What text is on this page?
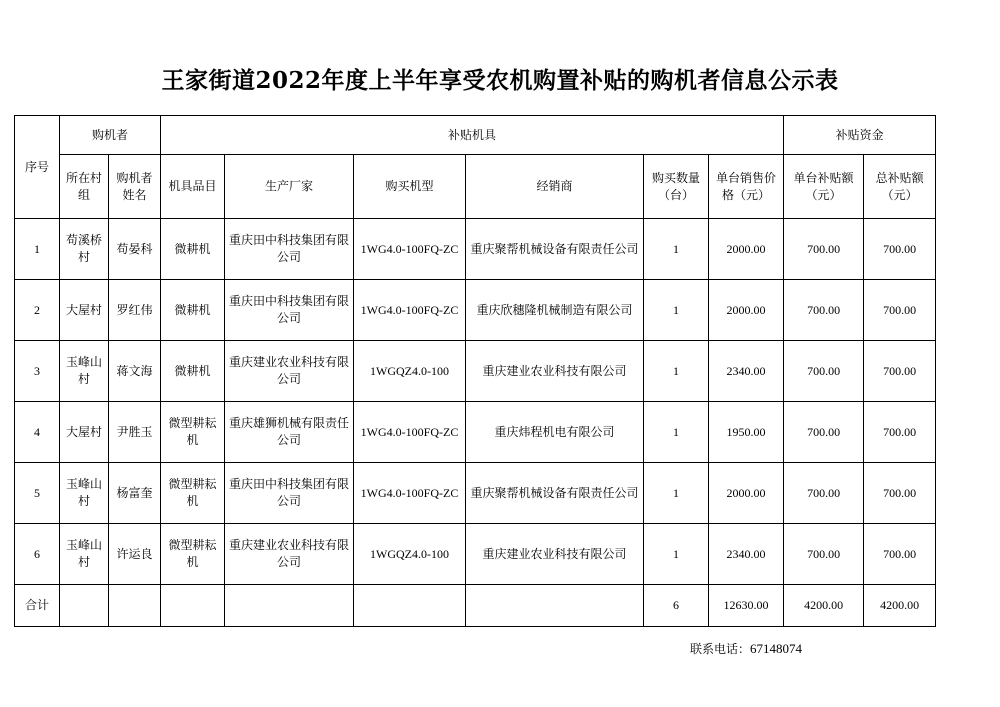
王家街道2022年度上半年享受农机购置补贴的购机者信息公示表
序号	购机者		补贴机具						补贴资金	
	所在村组	购机者姓名	机具品目	生产厂家	购买机型	经销商	购买数量（台）	单台销售价格（元）	单台补贴额（元）	总补贴额（元）
1	苟溪桥村	苟晏科	微耕机	重庆田中科技集团有限公司	1WG4.0-100FQ-ZC	重庆聚帮机械设备有限责任公司	1	2000.00	700.00	700.00
2	大屋村	罗红伟	微耕机	重庆田中科技集团有限公司	1WG4.0-100FQ-ZC	重庆欣穗隆机械制造有限公司	1	2000.00	700.00	700.00
3	玉峰山村	蒋文海	微耕机	重庆建业农业科技有限公司	1WGQZ4.0-100	重庆建业农业科技有限公司	1	2340.00	700.00	700.00
4	大屋村	尹胜玉	微型耕耘机	重庆雄狮机械有限责任公司	1WG4.0-100FQ-ZC	重庆炜程机电有限公司	1	1950.00	700.00	700.00
5	玉峰山村	杨富奎	微型耕耘机	重庆田中科技集团有限公司	1WG4.0-100FQ-ZC	重庆聚帮机械设备有限责任公司	1	2000.00	700.00	700.00
6	玉峰山村	许运良	微型耕耘机	重庆建业农业科技有限公司	1WGQZ4.0-100	重庆建业农业科技有限公司	1	2340.00	700.00	700.00
合计							6	12630.00	4200.00	4200.00
联系电话：67148074
